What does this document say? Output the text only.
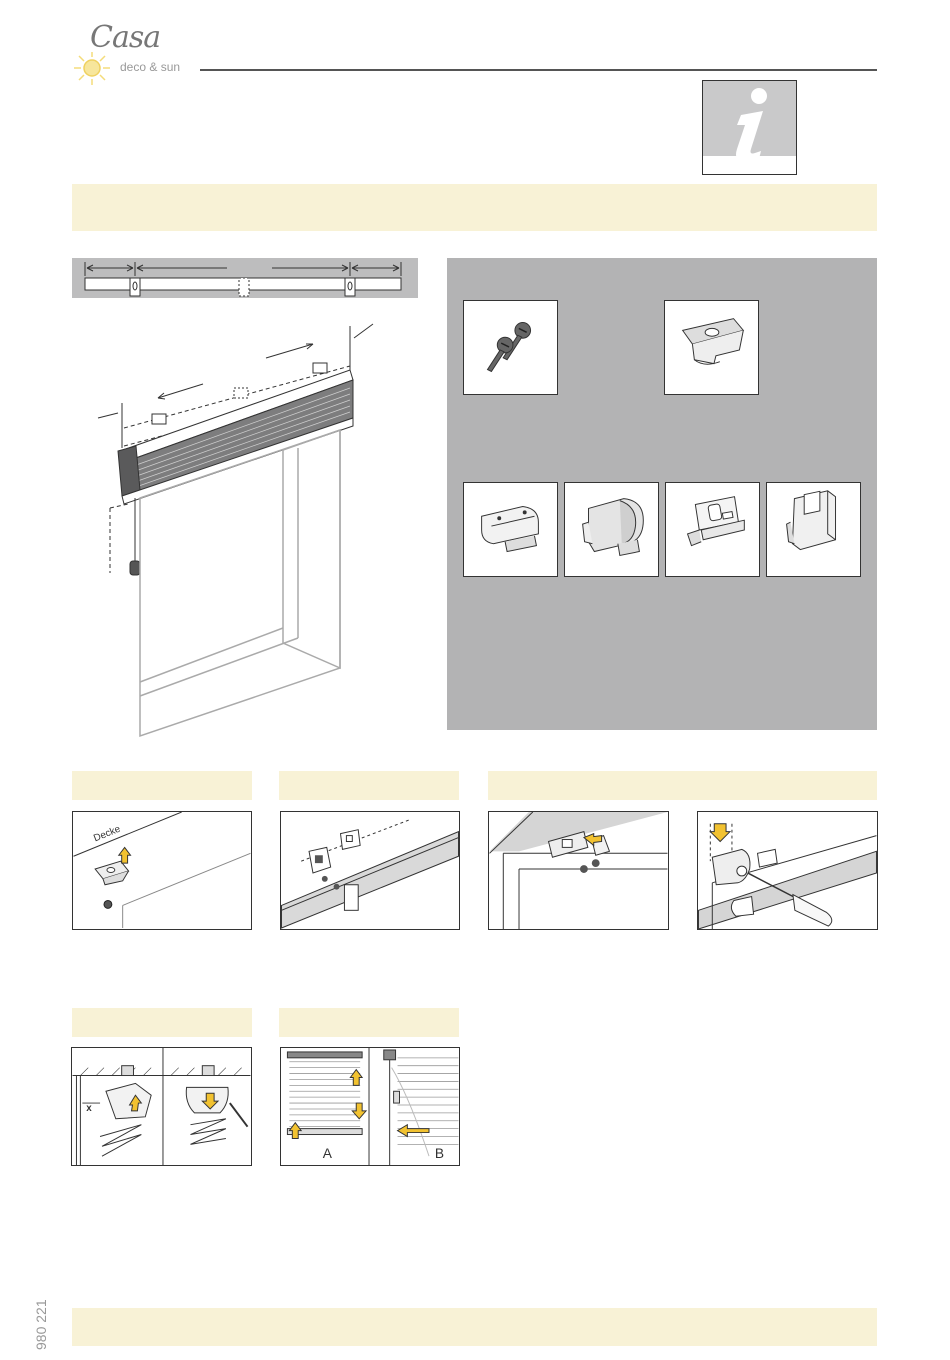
Casa
deco & sun
Decke
x
A	B
980 221
